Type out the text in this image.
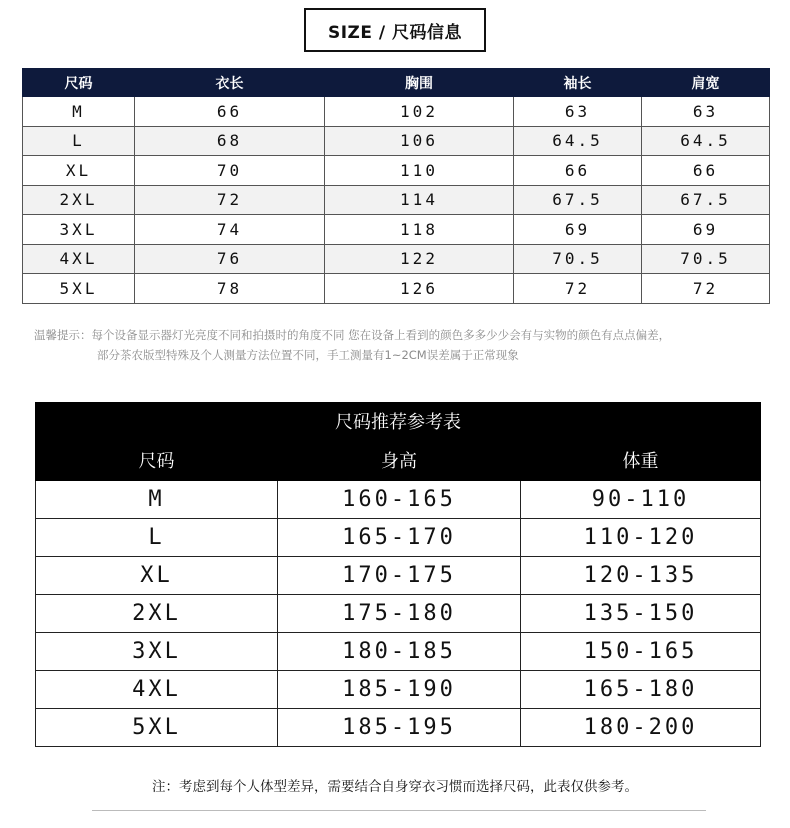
SIZE / 尺码信息
尺码	衣长	胸围	袖长	肩宽
M	66	102	63	63
L	68	106	64.5	64.5
XL	70	110	66	66
2XL	72	114	67.5	67.5
3XL	74	118	69	69
4XL	76	122	70.5	70.5
5XL	78	126	72	72
温馨提示：每个设备显示器灯光亮度不同和拍摄时的角度不同 您在设备上看到的颜色多多少少会有与实物的颜色有点点偏差，
部分茶农版型特殊及个人测量方法位置不同，手工测量有1~2CM误差属于正常现象
尺码推荐参考表		
尺码	身高	体重
M	160-165	90-110
L	165-170	110-120
XL	170-175	120-135
2XL	175-180	135-150
3XL	180-185	150-165
4XL	185-190	165-180
5XL	185-195	180-200
注：考虑到每个人体型差异，需要结合自身穿衣习惯而选择尺码，此表仅供参考。
